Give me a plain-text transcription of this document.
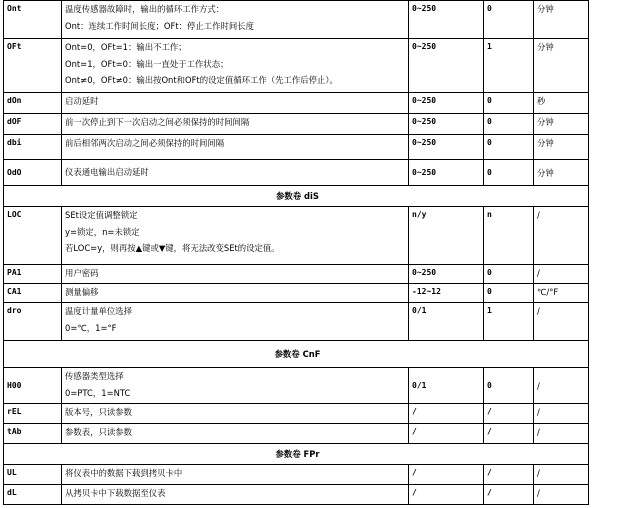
Ont	温度传感器故障时，输出的循环工作方式：
Ont：连续工作时间长度；OFt：停止工作时间长度	0~250	0	分钟
OFt	Ont=0，OFt=1：输出不工作；
Ont=1，OFt=0：输出一直处于工作状态；
Ont≠0，OFt≠0：输出按Ont和OFt的设定值循环工作（先工作后停止）。	0~250	1	分钟
dOn	启动延时	0~250	0	秒
dOF	前一次停止到下一次启动之间必须保持的时间间隔	0~250	0	分钟
dbi	前后相邻两次启动之间必须保持的时间间隔	0~250	0	分钟
OdO	仪表通电输出启动延时	0~250	0	分钟
参数卷 diS				
LOC	SEt设定值调整锁定
y=锁定，n=未锁定
若LOC=y，则再按▲键或▼键，将无法改变SEt的设定值。	n/y	n	/
PA1	用户密码	0~250	0	/
CA1	测量偏移	-12~12	0	℃/°F
dro	温度计量单位选择
0=℃，1=°F	0/1	1	/
参数卷 CnF				
H00	传感器类型选择
0=PTC，1=NTC	0/1	0	/
rEL	版本号，只读参数	/	/	/
tAb	参数表，只读参数	/	/	/
参数卷 FPr				
UL	将仪表中的数据下载到拷贝卡中	/	/	/
dL	从拷贝卡中下载数据至仪表	/	/	/
